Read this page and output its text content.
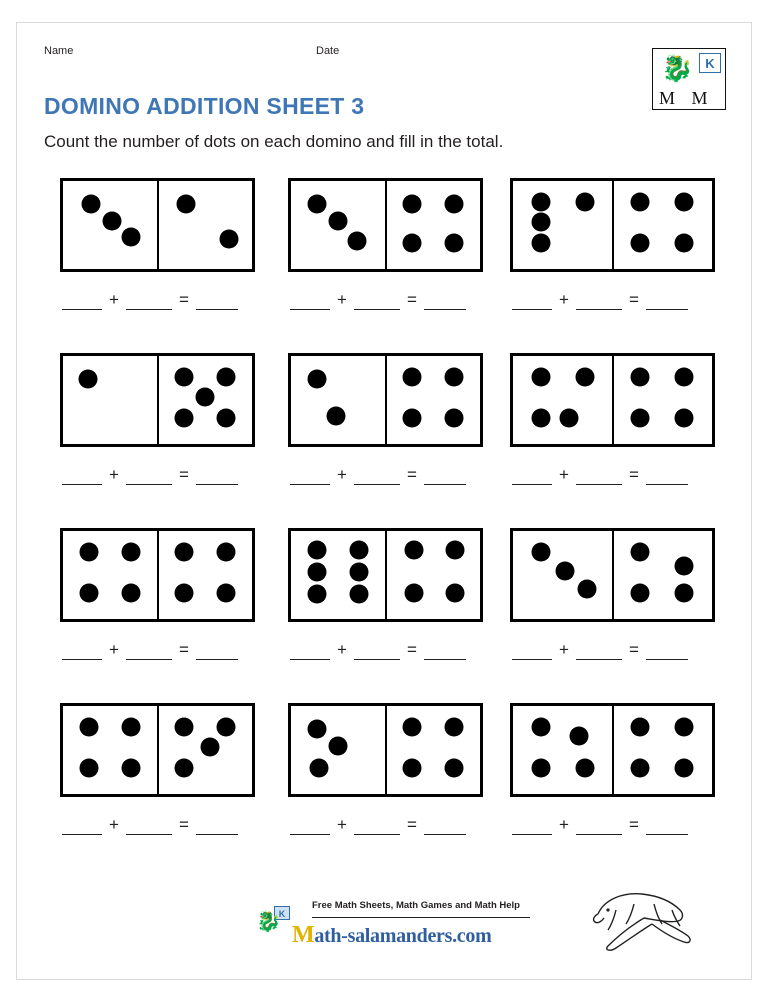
Name	Date
K
🐉
M M
DOMINO ADDITION SHEET 3
Count the number of dots on each domino and fill in the total.
+	=	+	=	+	=
+	=	+	=	+	=
+	=	+	=	+	=
+	=	+	=	+	=
K
🐉
Free Math Sheets, Math Games and Math Help
Math-salamanders.com
